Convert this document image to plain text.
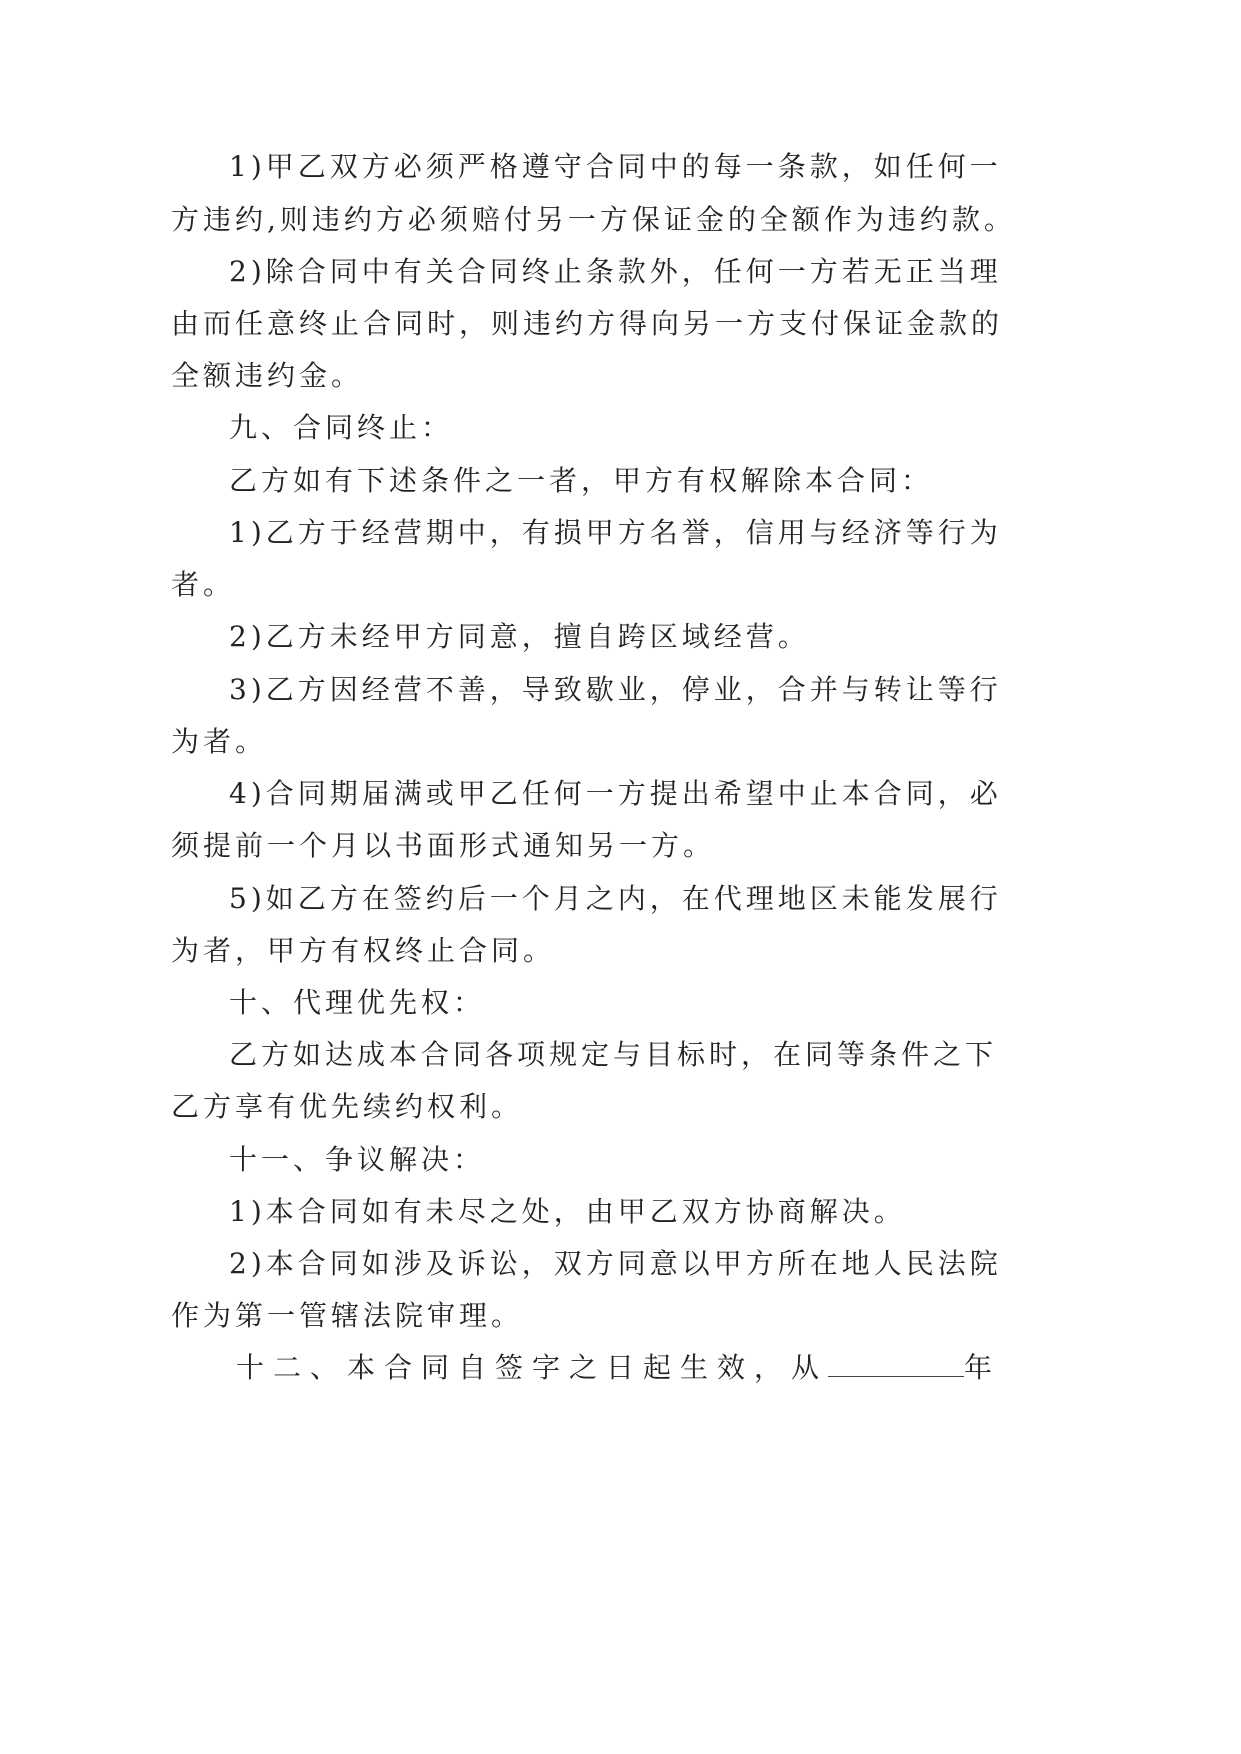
1)甲乙双方必须严格遵守合同中的每一条款，如任何一
方违约,则违约方必须赔付另一方保证金的全额作为违约款。
2)除合同中有关合同终止条款外，任何一方若无正当理
由而任意终止合同时，则违约方得向另一方支付保证金款的
全额违约金。
九、合同终止：
乙方如有下述条件之一者，甲方有权解除本合同：
1)乙方于经营期中，有损甲方名誉，信用与经济等行为
者。
2)乙方未经甲方同意，擅自跨区域经营。
3)乙方因经营不善，导致歇业，停业，合并与转让等行
为者。
4)合同期届满或甲乙任何一方提出希望中止本合同，必
须提前一个月以书面形式通知另一方。
5)如乙方在签约后一个月之内，在代理地区未能发展行
为者，甲方有权终止合同。
十、代理优先权：
乙方如达成本合同各项规定与目标时，在同等条件之下
乙方享有优先续约权利。
十一、争议解决：
1)本合同如有未尽之处，由甲乙双方协商解决。
2)本合同如涉及诉讼，双方同意以甲方所在地人民法院
作为第一管辖法院审理。
十二、本合同自签字之日起生效，从	年
